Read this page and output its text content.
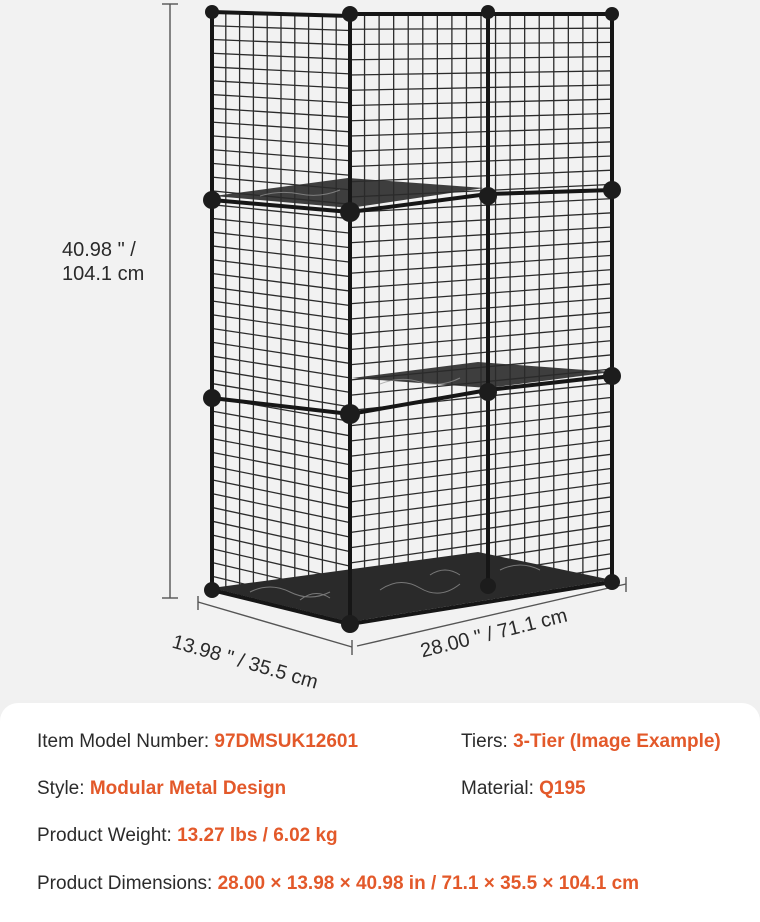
40.98 " /
104.1 cm
13.98 " / 35.5 cm	28.00 " / 71.1 cm
Item Model Number: 97DMSUK12601	Tiers: 3-Tier (Image Example)
Style: Modular Metal Design	Material: Q195
Product Weight: 13.27 lbs / 6.02 kg
Product Dimensions: 28.00 × 13.98 × 40.98 in / 71.1 × 35.5 × 104.1 cm
